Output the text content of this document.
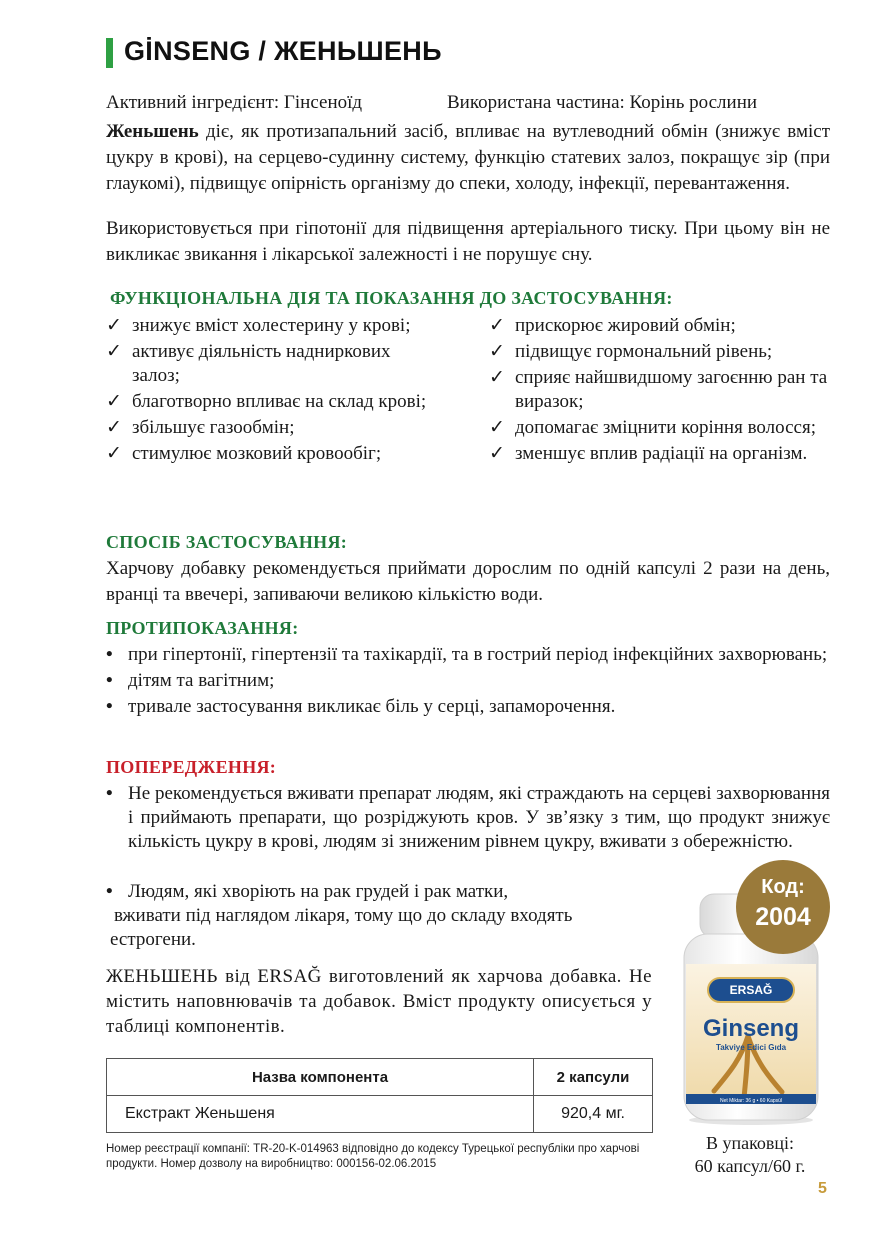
GİNSENG / ЖЕНЬШЕНЬ
Активний інгредієнт: Гінсеноїд	Використана частина: Корінь рослини
Женьшень діє, як протизапальний засіб, впливає на вутлеводний обмін (знижує вміст цукру в крові), на серцево-судинну систему, функцію статевих залоз, покращує зір (при глаукомі), підвищує опірність організму до спеки, холоду, інфекції, перевантаження.
Використовується при гіпотонії для підвищення артеріального тиску. При цьому він не викликає звикання і лікарської залежності і не порушує сну.
ФУНКЦІОНАЛЬНА ДІЯ ТА ПОКАЗАННЯ ДО ЗАСТОСУВАННЯ:
✓ знижує вміст холестерину у крові;
✓ активує діяльність надниркових залоз;
✓ благотворно впливає на склад крові;
✓ збільшує газообмін;
✓ стимулює мозковий кровообіг;
✓ прискорює жировий обмін;
✓ підвищує гормональний рівень;
✓ сприяє найшвидшому загоєнню ран та виразок;
✓ допомагає зміцнити коріння волосся;
✓ зменшує вплив радіації на організм.
СПОСІБ ЗАСТОСУВАННЯ:
Харчову добавку рекомендується приймати дорослим по одній капсулі 2 рази на день, вранці та ввечері, запиваючи великою кількістю води.
ПРОТИПОКАЗАННЯ:
• при гіпертонії, гіпертензії та тахікардії, та в гострий період інфекційних захворювань;
• дітям та вагітним;
• тривале застосування викликає біль у серці, запаморочення.
ПОПЕРЕДЖЕННЯ:
• Не рекомендується вживати препарат людям, які страждають на серцеві захворювання і приймають препарати, що розріджують кров. У звʼязку з тим, що продукт знижує кількість цукру в крові, людям зі зниженим рівнем цукру, вживати з обережністю.
• Людям, які хворіють на рак грудей і рак матки,
вживати під наглядом лікаря, тому що до складу входять
естрогени.
ЖЕНЬШЕНЬ від ERSAĞ виготовлений як харчова добавка. Не містить наповнювачів та добавок. Вміст продукту описується у таблиці компонентів.
Назва компонента	2 капсули
Екстракт Женьшеня	920,4 мг.
Номер реєстрації компанії: TR-20-K-014963 відповідно до кодексу Турецької республіки про харчові продукти. Номер дозволу на виробництво: 000156-02.06.2015
ERSAĞ
Ginseng
Takviye Edici Gıda
Net Miktar: 36 g • 60 Kapsül
Код:
2004
В упаковці:
60 капсул/60 г.
5
